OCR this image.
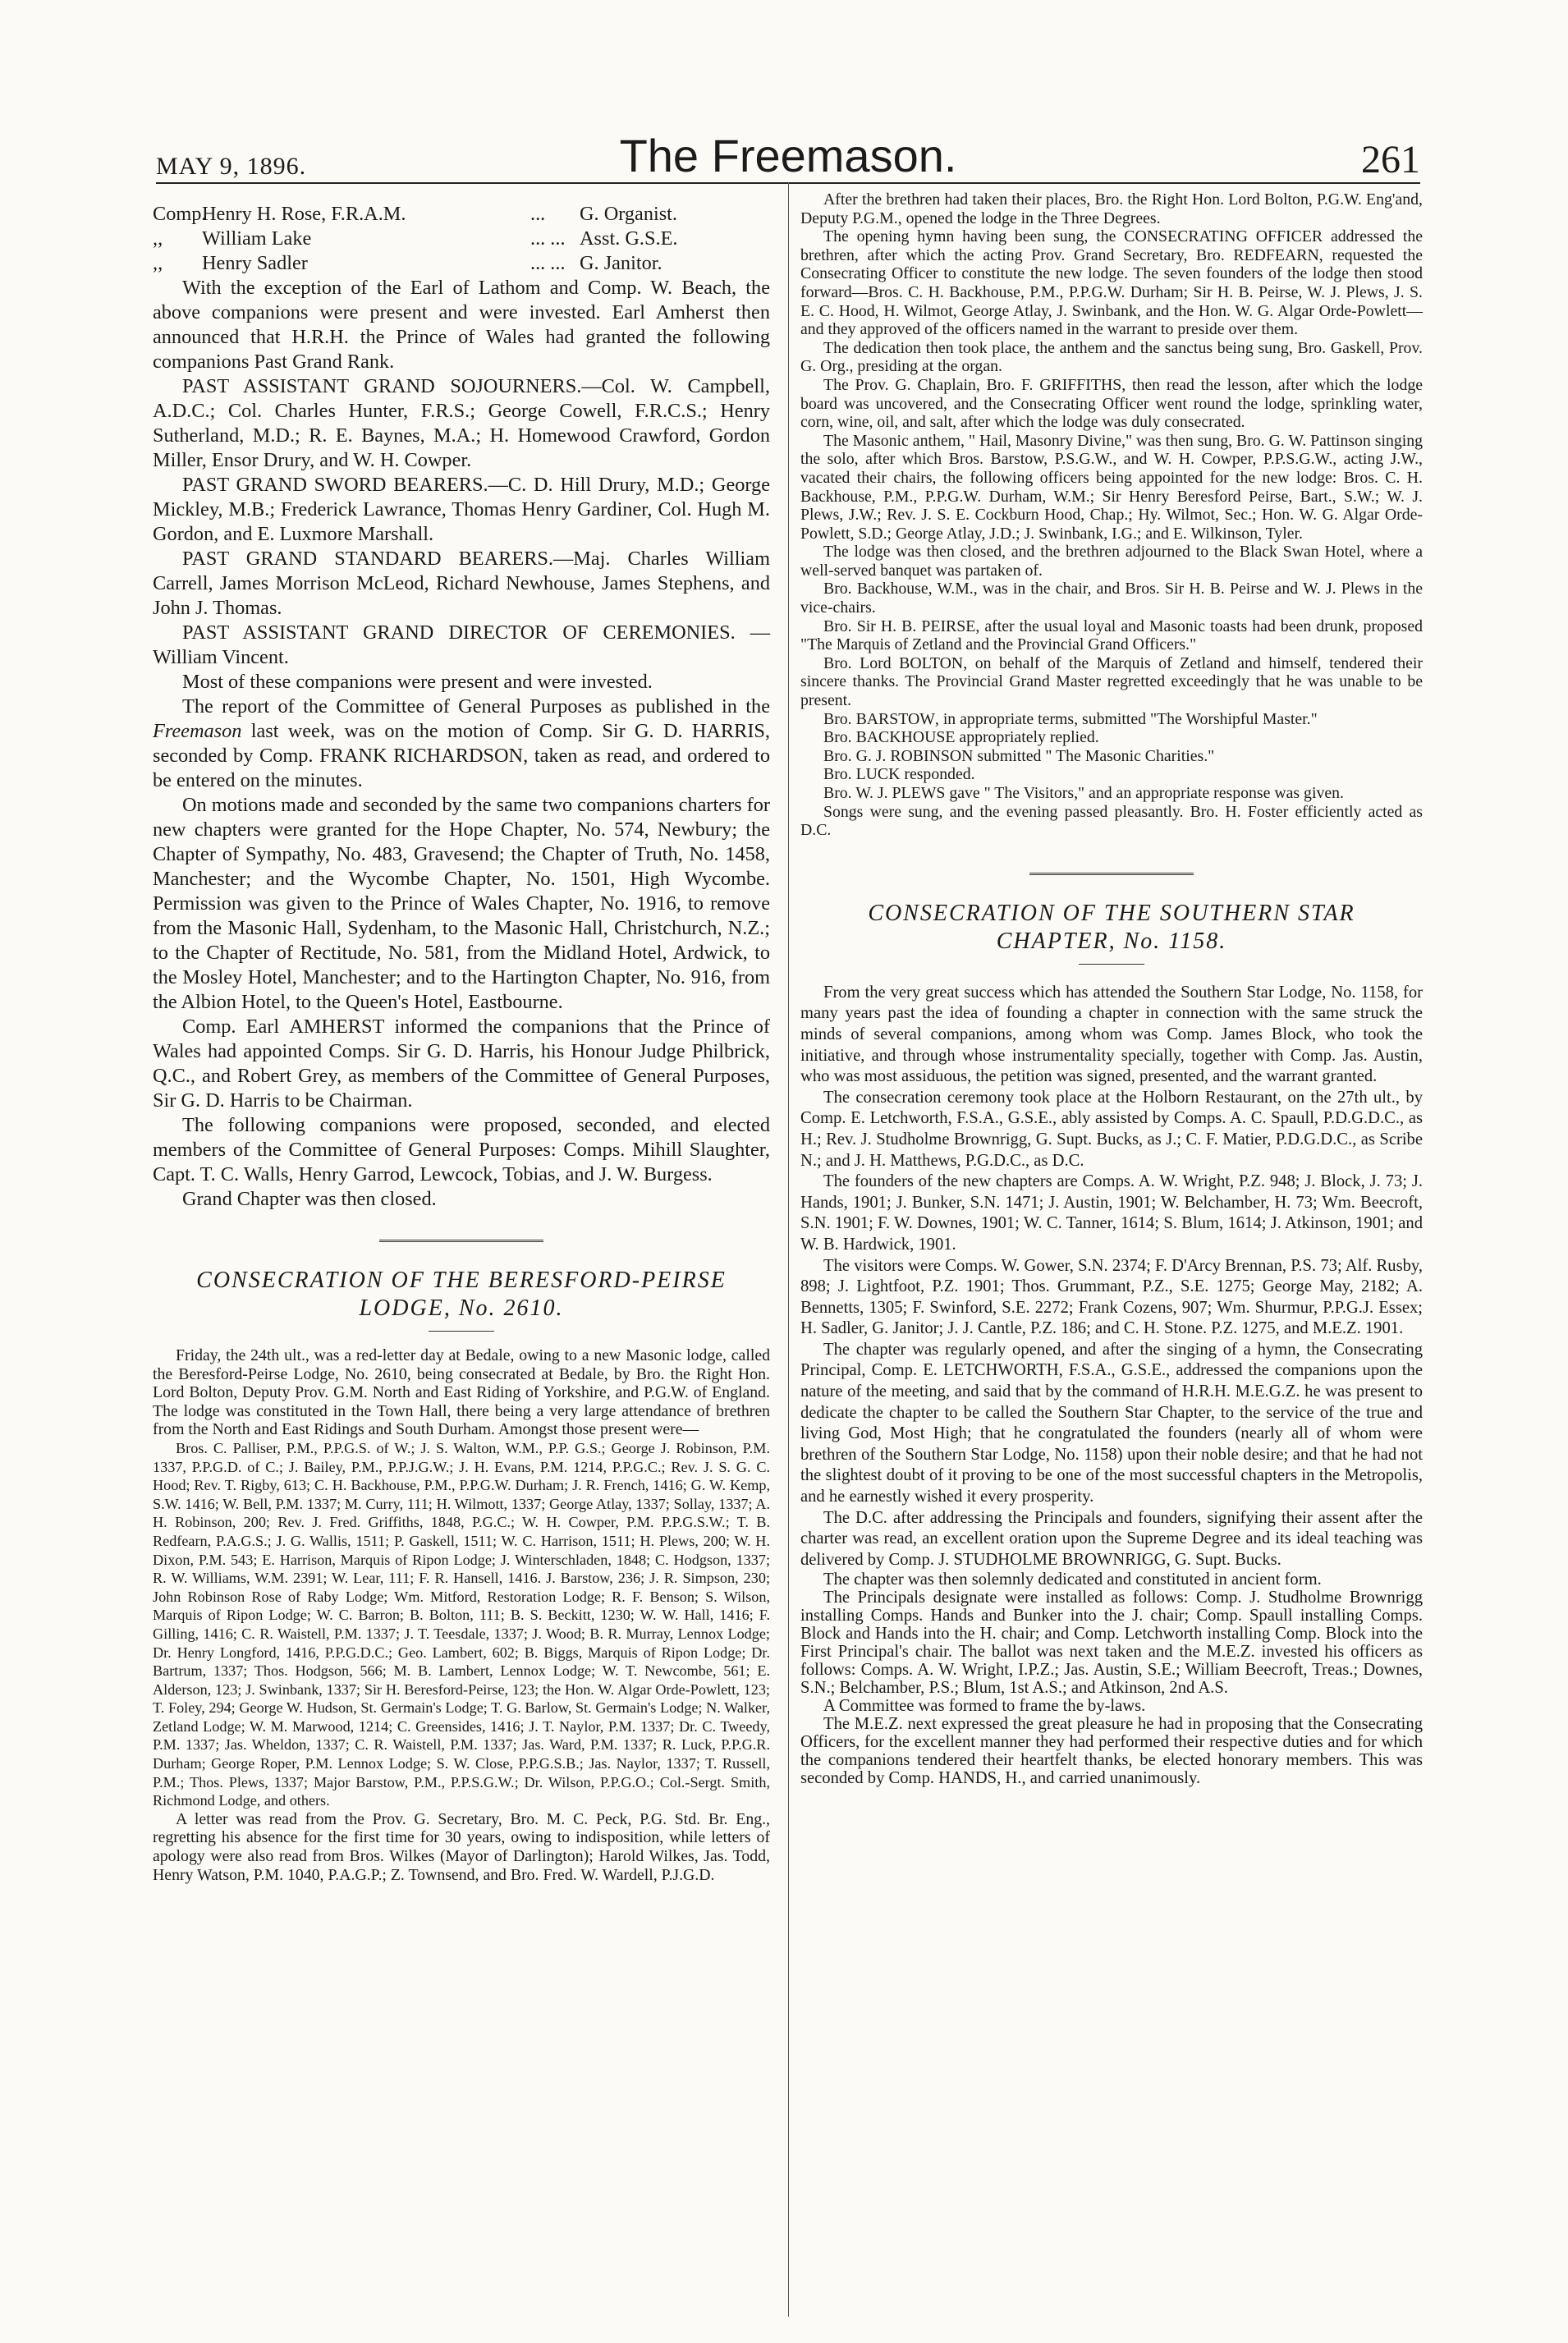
MAY 9, 1896.	The Freemason.	261
Comp.Henry H. Rose, F.R.A.M.	...	G. Organist.
,, William Lake	... ... Asst. G.S.E.
,, Henry Sadler	... ... G. Janitor.

With the exception of the Earl of Lathom and Comp. W. Beach, the above companions were present and were invested. Earl Amherst then announced that H.R.H. the Prince of Wales had granted the following companions Past Grand Rank.

PAST ASSISTANT GRAND SOJOURNERS.—Col. W. Campbell, A.D.C.; Col. Charles Hunter, F.R.S.; George Cowell, F.R.C.S.; Henry Sutherland, M.D.; R. E. Baynes, M.A.; H. Homewood Crawford, Gordon Miller, Ensor Drury, and W. H. Cowper.

PAST GRAND SWORD BEARERS.—C. D. Hill Drury, M.D.; George Mickley, M.B.; Frederick Lawrance, Thomas Henry Gardiner, Col. Hugh M. Gordon, and E. Luxmore Marshall.

PAST GRAND STANDARD BEARERS.—Maj. Charles William Carrell, James Morrison McLeod, Richard Newhouse, James Stephens, and John J. Thomas.

PAST ASSISTANT GRAND DIRECTOR OF CEREMONIES. — William Vincent.

Most of these companions were present and were invested.

The report of the Committee of General Purposes as published in the Freemason last week, was on the motion of Comp. Sir G. D. HARRIS, seconded by Comp. FRANK RICHARDSON, taken as read, and ordered to be entered on the minutes.

On motions made and seconded by the same two companions charters for new chapters were granted for the Hope Chapter, No. 574, Newbury; the Chapter of Sympathy, No. 483, Gravesend; the Chapter of Truth, No. 1458, Manchester; and the Wycombe Chapter, No. 1501, High Wycombe. Permission was given to the Prince of Wales Chapter, No. 1916, to remove from the Masonic Hall, Sydenham, to the Masonic Hall, Christchurch, N.Z.; to the Chapter of Rectitude, No. 581, from the Midland Hotel, Ardwick, to the Mosley Hotel, Manchester; and to the Hartington Chapter, No. 916, from the Albion Hotel, to the Queen's Hotel, Eastbourne.

Comp. Earl AMHERST informed the companions that the Prince of Wales had appointed Comps. Sir G. D. Harris, his Honour Judge Philbrick, Q.C., and Robert Grey, as members of the Committee of General Purposes, Sir G. D. Harris to be Chairman.

The following companions were proposed, seconded, and elected members of the Committee of General Purposes: Comps. Mihill Slaughter, Capt. T. C. Walls, Henry Garrod, Lewcock, Tobias, and J. W. Burgess.

Grand Chapter was then closed.

CONSECRATION OF THE BERESFORD-PEIRSE

LODGE, No. 2610.

Friday, the 24th ult., was a red-letter day at Bedale, owing to a new Masonic lodge, called the Beresford-Peirse Lodge, No. 2610, being consecrated at Bedale, by Bro. the Right Hon. Lord Bolton, Deputy Prov. G.M. North and East Riding of Yorkshire, and P.G.W. of England. The lodge was constituted in the Town Hall, there being a very large attendance of brethren from the North and East Ridings and South Durham. Amongst those present were—

Bros. C. Palliser, P.M., P.P.G.S. of W.; J. S. Walton, W.M., P.P. G.S.; George J. Robinson, P.M. 1337, P.P.G.D. of C.; J. Bailey, P.M., P.P.J.G.W.; J. H. Evans, P.M. 1214, P.P.G.C.; Rev. J. S. G. C. Hood; Rev. T. Rigby, 613; C. H. Backhouse, P.M., P.P.G.W. Durham; J. R. French, 1416; G. W. Kemp, S.W. 1416; W. Bell, P.M. 1337; M. Curry, 111; H. Wilmott, 1337; George Atlay, 1337; Sollay, 1337; A. H. Robinson, 200; Rev. J. Fred. Griffiths, 1848, P.G.C.; W. H. Cowper, P.M. P.P.G.S.W.; T. B. Redfearn, P.A.G.S.; J. G. Wallis, 1511; P. Gaskell, 1511; W. C. Harrison, 1511; H. Plews, 200; W. H. Dixon, P.M. 543; E. Harrison, Marquis of Ripon Lodge; J. Winterschladen, 1848; C. Hodgson, 1337; R. W. Williams, W.M. 2391; W. Lear, 111; F. R. Hansell, 1416. J. Barstow, 236; J. R. Simpson, 230; John Robinson Rose of Raby Lodge; Wm. Mitford, Restoration Lodge; R. F. Benson; S. Wilson, Marquis of Ripon Lodge; W. C. Barron; B. Bolton, 111; B. S. Beckitt, 1230; W. W. Hall, 1416; F. Gilling, 1416; C. R. Waistell, P.M. 1337; J. T. Teesdale, 1337; J. Wood; B. R. Murray, Lennox Lodge; Dr. Henry Longford, 1416, P.P.G.D.C.; Geo. Lambert, 602; B. Biggs, Marquis of Ripon Lodge; Dr. Bartrum, 1337; Thos. Hodgson, 566; M. B. Lambert, Lennox Lodge; W. T. Newcombe, 561; E. Alderson, 123; J. Swinbank, 1337; Sir H. Beresford-Peirse, 123; the Hon. W. Algar Orde-Powlett, 123; T. Foley, 294; George W. Hudson, St. Germain's Lodge; T. G. Barlow, St. Germain's Lodge; N. Walker, Zetland Lodge; W. M. Marwood, 1214; C. Greensides, 1416; J. T. Naylor, P.M. 1337; Dr. C. Tweedy, P.M. 1337; Jas. Wheldon, 1337; C. R. Waistell, P.M. 1337; Jas. Ward, P.M. 1337; R. Luck, P.P.G.R. Durham; George Roper, P.M. Lennox Lodge; S. W. Close, P.P.G.S.B.; Jas. Naylor, 1337; T. Russell, P.M.; Thos. Plews, 1337; Major Barstow, P.M., P.P.S.G.W.; Dr. Wilson, P.P.G.O.; Col.-Sergt. Smith, Richmond Lodge, and others.

A letter was read from the Prov. G. Secretary, Bro. M. C. Peck, P.G. Std. Br. Eng., regretting his absence for the first time for 30 years, owing to indisposition, while letters of apology were also read from Bros. Wilkes (Mayor of Darlington); Harold Wilkes, Jas. Todd, Henry Watson, P.M. 1040, P.A.G.P.; Z. Townsend, and Bro. Fred. W. Wardell, P.J.G.D.

After the brethren had taken their places, Bro. the Right Hon. Lord Bolton, P.G.W. Eng'and, Deputy P.G.M., opened the lodge in the Three Degrees.

The opening hymn having been sung, the CONSECRATING OFFICER addressed the brethren, after which the acting Prov. Grand Secretary, Bro. REDFEARN, requested the Consecrating Officer to constitute the new lodge. The seven founders of the lodge then stood forward—Bros. C. H. Backhouse, P.M., P.P.G.W. Durham; Sir H. B. Peirse, W. J. Plews, J. S. E. C. Hood, H. Wilmot, George Atlay, J. Swinbank, and the Hon. W. G. Algar Orde-Powlett—and they approved of the officers named in the warrant to preside over them.

The dedication then took place, the anthem and the sanctus being sung, Bro. Gaskell, Prov. G. Org., presiding at the organ.

The Prov. G. Chaplain, Bro. F. GRIFFITHS, then read the lesson, after which the lodge board was uncovered, and the Consecrating Officer went round the lodge, sprinkling water, corn, wine, oil, and salt, after which the lodge was duly consecrated.

The Masonic anthem, " Hail, Masonry Divine," was then sung, Bro. G. W. Pattinson singing the solo, after which Bros. Barstow, P.S.G.W., and W. H. Cowper, P.P.S.G.W., acting J.W., vacated their chairs, the following officers being appointed for the new lodge: Bros. C. H. Backhouse, P.M., P.P.G.W. Durham, W.M.; Sir Henry Beresford Peirse, Bart., S.W.; W. J. Plews, J.W.; Rev. J. S. E. Cockburn Hood, Chap.; Hy. Wilmot, Sec.; Hon. W. G. Algar Orde-Powlett, S.D.; George Atlay, J.D.; J. Swinbank, I.G.; and E. Wilkinson, Tyler.

The lodge was then closed, and the brethren adjourned to the Black Swan Hotel, where a well-served banquet was partaken of.

Bro. Backhouse, W.M., was in the chair, and Bros. Sir H. B. Peirse and W. J. Plews in the vice-chairs.

Bro. Sir H. B. PEIRSE, after the usual loyal and Masonic toasts had been drunk, proposed "The Marquis of Zetland and the Provincial Grand Officers."

Bro. Lord BOLTON, on behalf of the Marquis of Zetland and himself, tendered their sincere thanks. The Provincial Grand Master regretted exceedingly that he was unable to be present.

Bro. BARSTOW, in appropriate terms, submitted "The Worshipful Master."

Bro. BACKHOUSE appropriately replied.

Bro. G. J. ROBINSON submitted " The Masonic Charities."

Bro. LUCK responded.

Bro. W. J. PLEWS gave " The Visitors," and an appropriate response was given.

Songs were sung, and the evening passed pleasantly. Bro. H. Foster efficiently acted as D.C.

CONSECRATION OF THE SOUTHERN STAR

CHAPTER, No. 1158.

From the very great success which has attended the Southern Star Lodge, No. 1158, for many years past the idea of founding a chapter in connection with the same struck the minds of several companions, among whom was Comp. James Block, who took the initiative, and through whose instrumentality specially, together with Comp. Jas. Austin, who was most assiduous, the petition was signed, presented, and the warrant granted.

The consecration ceremony took place at the Holborn Restaurant, on the 27th ult., by Comp. E. Letchworth, F.S.A., G.S.E., ably assisted by Comps. A. C. Spaull, P.D.G.D.C., as H.; Rev. J. Studholme Brownrigg, G. Supt. Bucks, as J.; C. F. Matier, P.D.G.D.C., as Scribe N.; and J. H. Matthews, P.G.D.C., as D.C.

The founders of the new chapters are Comps. A. W. Wright, P.Z. 948; J. Block, J. 73; J. Hands, 1901; J. Bunker, S.N. 1471; J. Austin, 1901; W. Belchamber, H. 73; Wm. Beecroft, S.N. 1901; F. W. Downes, 1901; W. C. Tanner, 1614; S. Blum, 1614; J. Atkinson, 1901; and W. B. Hardwick, 1901.

The visitors were Comps. W. Gower, S.N. 2374; F. D'Arcy Brennan, P.S. 73; Alf. Rusby, 898; J. Lightfoot, P.Z. 1901; Thos. Grummant, P.Z., S.E. 1275; George May, 2182; A. Bennetts, 1305; F. Swinford, S.E. 2272; Frank Cozens, 907; Wm. Shurmur, P.P.G.J. Essex; H. Sadler, G. Janitor; J. J. Cantle, P.Z. 186; and C. H. Stone. P.Z. 1275, and M.E.Z. 1901.

The chapter was regularly opened, and after the singing of a hymn, the Consecrating Principal, Comp. E. LETCHWORTH, F.S.A., G.S.E., addressed the companions upon the nature of the meeting, and said that by the command of H.R.H. M.E.G.Z. he was present to dedicate the chapter to be called the Southern Star Chapter, to the service of the true and living God, Most High; that he congratulated the founders (nearly all of whom were brethren of the Southern Star Lodge, No. 1158) upon their noble desire; and that he had not the slightest doubt of it proving to be one of the most successful chapters in the Metropolis, and he earnestly wished it every prosperity.

The D.C. after addressing the Principals and founders, signifying their assent after the charter was read, an excellent oration upon the Supreme Degree and its ideal teaching was delivered by Comp. J. STUDHOLME BROWNRIGG, G. Supt. Bucks.

The chapter was then solemnly dedicated and constituted in ancient form.

The Principals designate were installed as follows: Comp. J. Studholme Brownrigg installing Comps. Hands and Bunker into the J. chair; Comp. Spaull installing Comps. Block and Hands into the H. chair; and Comp. Letchworth installing Comp. Block into the First Principal's chair. The ballot was next taken and the M.E.Z. invested his officers as follows: Comps. A. W. Wright, I.P.Z.; Jas. Austin, S.E.; William Beecroft, Treas.; Downes, S.N.; Belchamber, P.S.; Blum, 1st A.S.; and Atkinson, 2nd A.S.

A Committee was formed to frame the by-laws.

The M.E.Z. next expressed the great pleasure he had in proposing that the Consecrating Officers, for the excellent manner they had performed their respective duties and for which the companions tendered their heartfelt thanks, be elected honorary members. This was seconded by Comp. HANDS, H., and carried unanimously.
